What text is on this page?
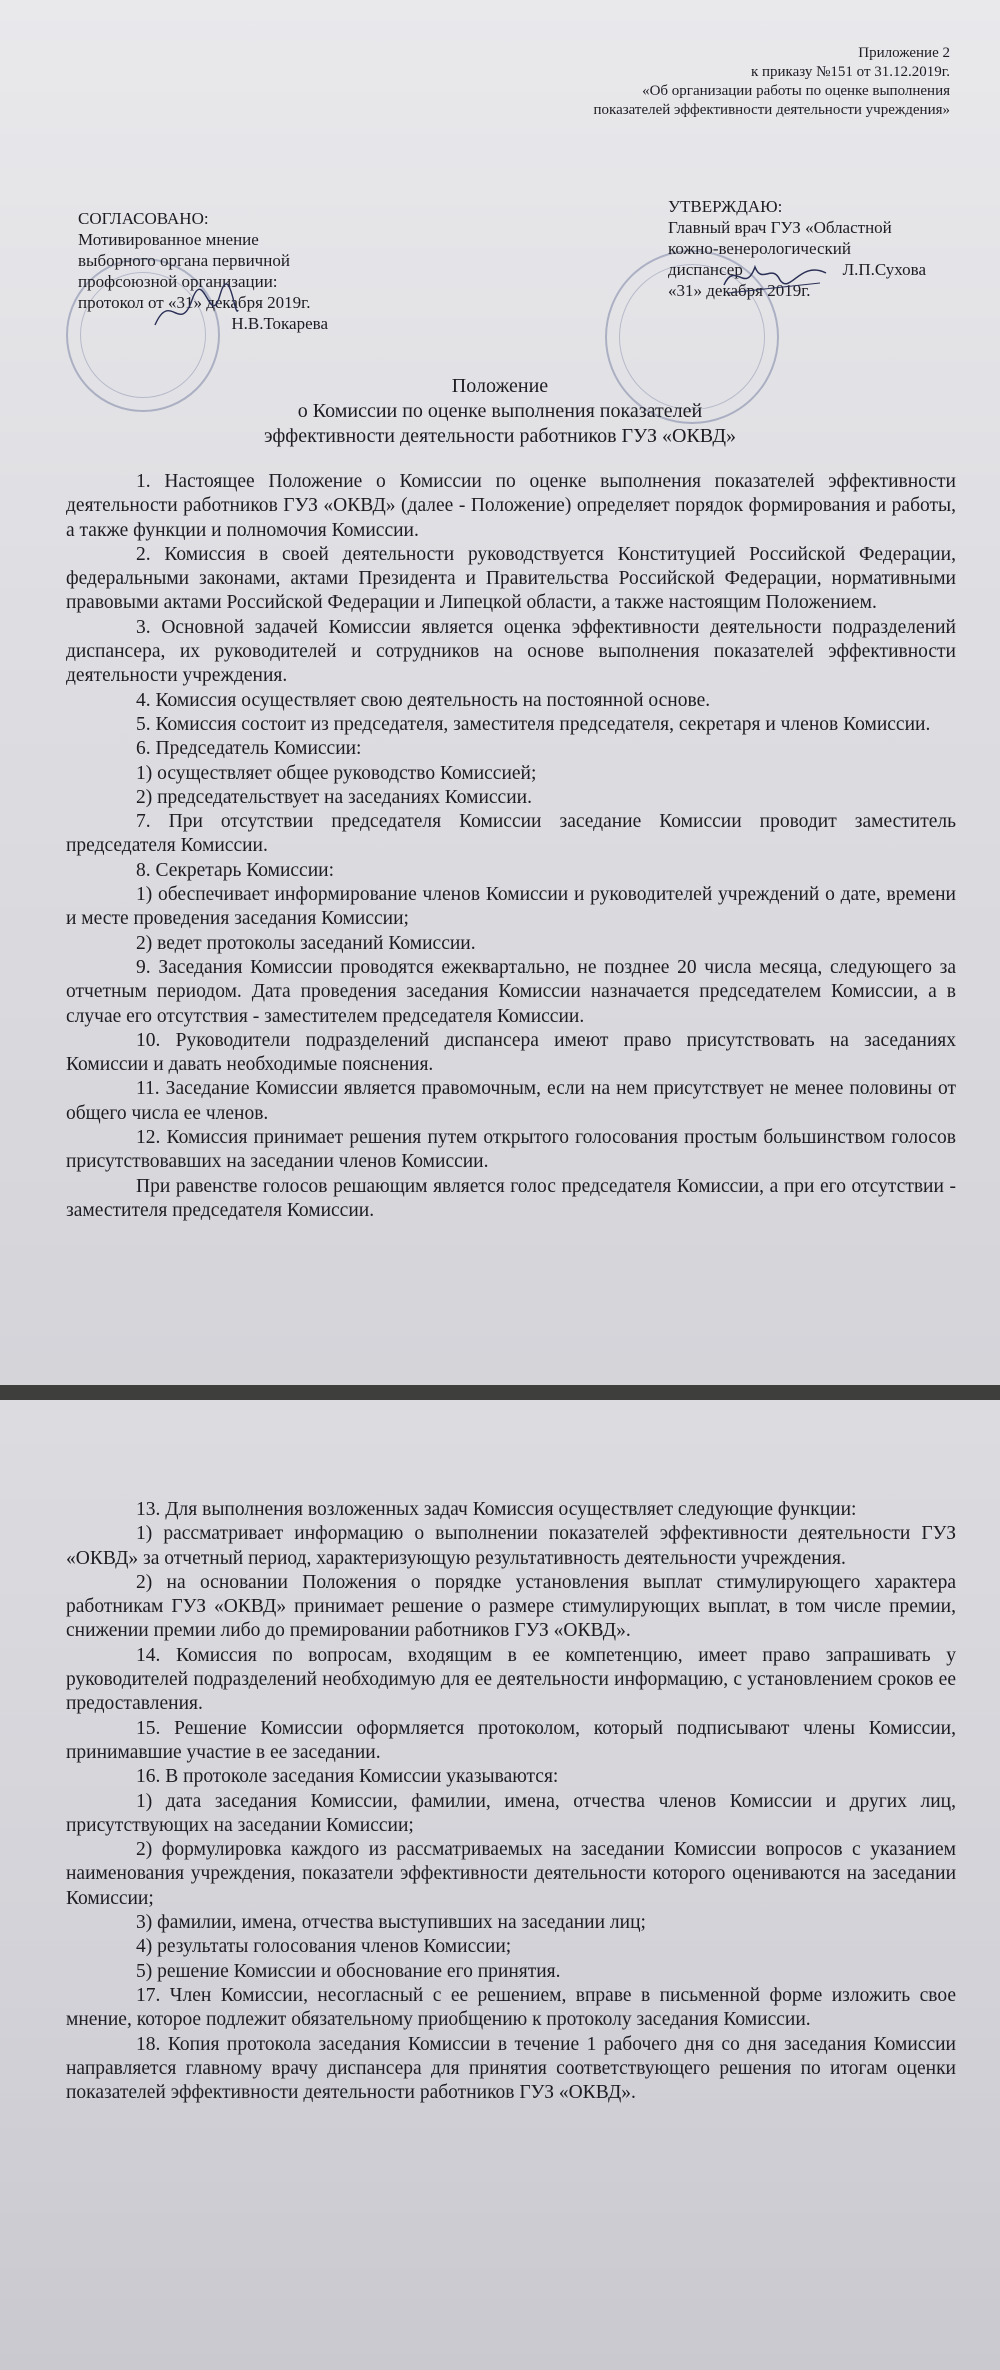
Приложение 2
к приказу №151 от 31.12.2019г.
«Об организации работы по оценке выполнения
показателей эффективности деятельности учреждения»
СОГЛАСОВАНО:
Мотивированное мнение
выборного органа первичной
профсоюзной организации:
протокол от «31» декабря 2019г.
Н.В.Токарева
УТВЕРЖДАЮ:
Главный врач ГУЗ «Областной
кожно-венерологический
диспансер	Л.П.Сухова
«31» декабря 2019г.
Положение
о Комиссии по оценке выполнения показателей
эффективности деятельности работников ГУЗ «ОКВД»

1. Настоящее Положение о Комиссии по оценке выполнения показателей эффективности деятельности работников ГУЗ «ОКВД» (далее - Положение) определяет порядок формирования и работы, а также функции и полномочия Комиссии.

2. Комиссия в своей деятельности руководствуется Конституцией Российской Федерации, федеральными законами, актами Президента и Правительства Российской Федерации, нормативными правовыми актами Российской Федерации и Липецкой области, а также настоящим Положением.

3. Основной задачей Комиссии является оценка эффективности деятельности подразделений диспансера, их руководителей и сотрудников на основе выполнения показателей эффективности деятельности учреждения.

4. Комиссия осуществляет свою деятельность на постоянной основе.

5. Комиссия состоит из председателя, заместителя председателя, секретаря и членов Комиссии.

6. Председатель Комиссии:

1) осуществляет общее руководство Комиссией;

2) председательствует на заседаниях Комиссии.

7. При отсутствии председателя Комиссии заседание Комиссии проводит заместитель председателя Комиссии.

8. Секретарь Комиссии:

1) обеспечивает информирование членов Комиссии и руководителей учреждений о дате, времени и месте проведения заседания Комиссии;

2) ведет протоколы заседаний Комиссии.

9. Заседания Комиссии проводятся ежеквартально, не позднее 20 числа месяца, следующего за отчетным периодом. Дата проведения заседания Комиссии назначается председателем Комиссии, а в случае его отсутствия - заместителем председателя Комиссии.

10. Руководители подразделений диспансера имеют право присутствовать на заседаниях Комиссии и давать необходимые пояснения.

11. Заседание Комиссии является правомочным, если на нем присутствует не менее половины от общего числа ее членов.

12. Комиссия принимает решения путем открытого голосования простым большинством голосов присутствовавших на заседании членов Комиссии.

При равенстве голосов решающим является голос председателя Комиссии, а при его отсутствии - заместителя председателя Комиссии.

13. Для выполнения возложенных задач Комиссия осуществляет следующие функции:

1) рассматривает информацию о выполнении показателей эффективности деятельности ГУЗ «ОКВД» за отчетный период, характеризующую результативность деятельности учреждения.

2) на основании Положения о порядке установления выплат стимулирующего характера работникам ГУЗ «ОКВД» принимает решение о размере стимулирующих выплат, в том числе премии, снижении премии либо до премировании работников ГУЗ «ОКВД».

14. Комиссия по вопросам, входящим в ее компетенцию, имеет право запрашивать у руководителей подразделений необходимую для ее деятельности информацию, с установлением сроков ее предоставления.

15. Решение Комиссии оформляется протоколом, который подписывают члены Комиссии, принимавшие участие в ее заседании.

16. В протоколе заседания Комиссии указываются:

1) дата заседания Комиссии, фамилии, имена, отчества членов Комиссии и других лиц, присутствующих на заседании Комиссии;

2) формулировка каждого из рассматриваемых на заседании Комиссии вопросов с указанием наименования учреждения, показатели эффективности деятельности которого оцениваются на заседании Комиссии;

3) фамилии, имена, отчества выступивших на заседании лиц;

4) результаты голосования членов Комиссии;

5) решение Комиссии и обоснование его принятия.

17. Член Комиссии, несогласный с ее решением, вправе в письменной форме изложить свое мнение, которое подлежит обязательному приобщению к протоколу заседания Комиссии.

18. Копия протокола заседания Комиссии в течение 1 рабочего дня со дня заседания Комиссии направляется главному врачу диспансера для принятия соответствующего решения по итогам оценки показателей эффективности деятельности работников ГУЗ «ОКВД».
